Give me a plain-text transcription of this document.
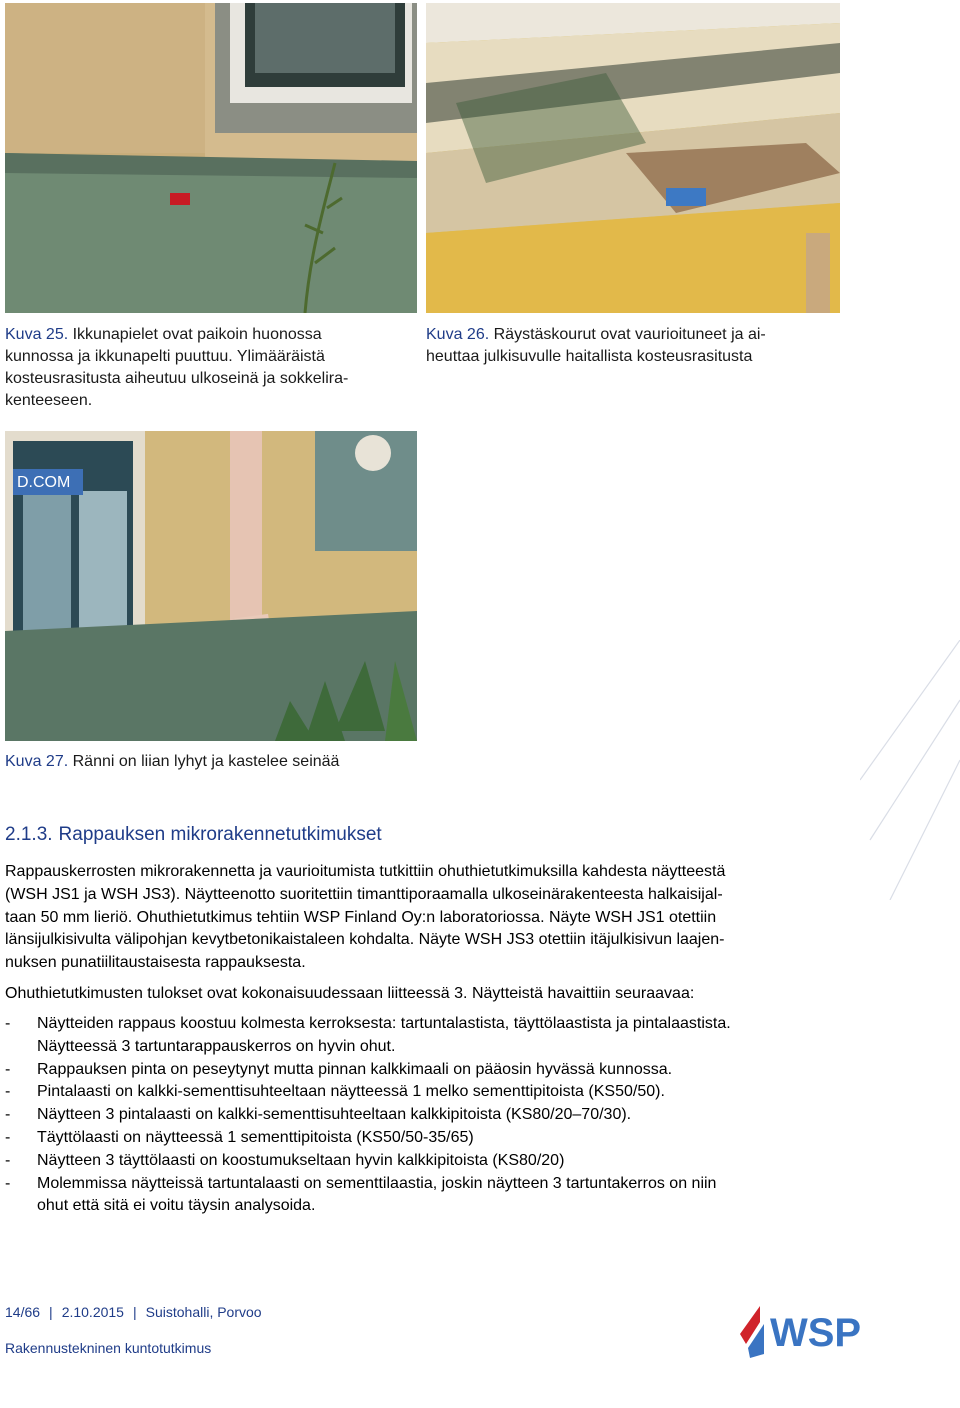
Kuva 25. Ikkunapielet ovat paikoin huonossa
kunnossa ja ikkunapelti puuttuu. Ylimääräistä
kosteusrasitusta aiheutuu ulkoseinä ja sokkelira-
kenteeseen.
Kuva 26. Räystäskourut ovat vaurioituneet ja ai-
heuttaa julkisuvulle haitallista kosteusrasitusta
D.COM
Kuva 27. Ränni on liian lyhyt ja kastelee seinää
2.1.3. Rappauksen mikrorakennetutkimukset

Rappauskerrosten mikrorakennetta ja vaurioitumista tutkittiin ohuthietutkimuksilla kahdesta näytteestä

(WSH JS1 ja WSH JS3). Näytteenotto suoritettiin timanttiporaamalla ulkoseinärakenteesta halkaisijal-

taan 50 mm lieriö. Ohuthietutkimus tehtiin WSP Finland Oy:n laboratoriossa. Näyte WSH JS1 otettiin

länsijulkisivulta välipohjan kevytbetonikaistaleen kohdalta. Näyte WSH JS3 otettiin itäjulkisivun laajen-

nuksen punatiilitaustaisesta rappauksesta.

Ohuthietutkimusten tulokset ovat kokonaisuudessaan liitteessä 3. Näytteistä havaittiin seuraavaa:

- Näytteiden rappaus koostuu kolmesta kerroksesta: tartuntalastista, täyttölaastista ja pintalaastista.
Näytteessä 3 tartuntarappauskerros on hyvin ohut.
- Rappauksen pinta on peseytynyt mutta pinnan kalkkimaali on pääosin hyvässä kunnossa.
- Pintalaasti on kalkki-sementtisuhteeltaan näytteessä 1 melko sementtipitoista (KS50/50).
- Näytteen 3 pintalaasti on kalkki-sementtisuhteeltaan kalkkipitoista (KS80/20–70/30).
- Täyttölaasti on näytteessä 1 sementtipitoista (KS50/50-35/65)
- Näytteen 3 täyttölaasti on koostumukseltaan hyvin kalkkipitoista (KS80/20)
- Molemmissa näytteissä tartuntalaasti on sementtilaastia, joskin näytteen 3 tartuntakerros on niin
ohut että sitä ei voitu täysin analysoida.
14/66 | 2.10.2015 | Suistohalli, Porvoo
Rakennustekninen kuntotutkimus	WSP
